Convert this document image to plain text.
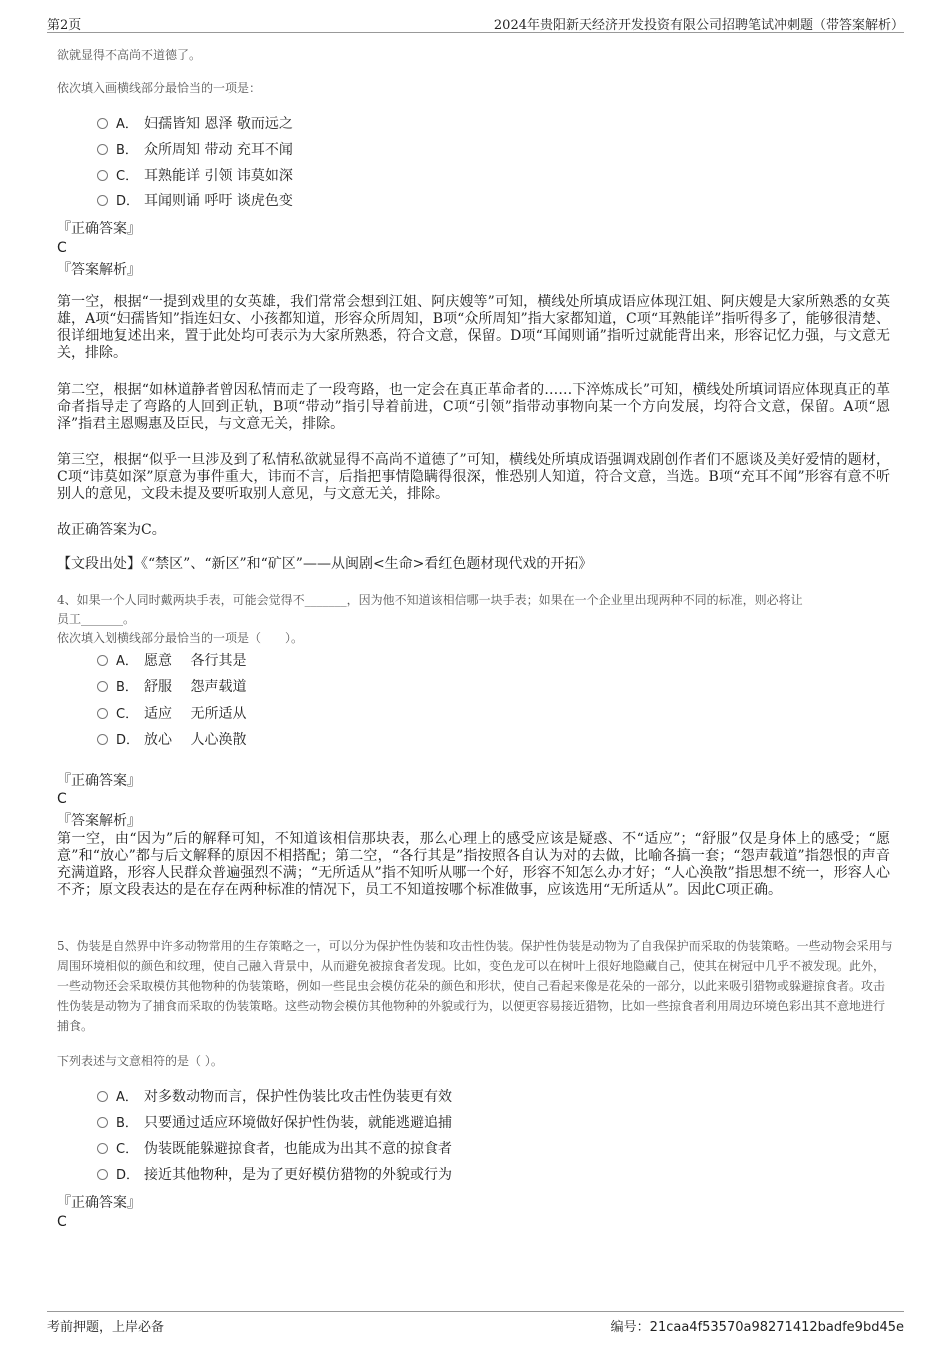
第2页	2024年贵阳新天经济开发投资有限公司招聘笔试冲刺题（带答案解析）
欲就显得不高尚不道德了。
依次填入画横线部分最恰当的一项是：
A． 妇孺皆知 恩泽 敬而远之
B． 众所周知 带动 充耳不闻
C． 耳熟能详 引领 讳莫如深
D． 耳闻则诵 呼吁 谈虎色变
『正确答案』
C
『答案解析』
第一空，根据“一提到戏里的女英雄，我们常常会想到江姐、阿庆嫂等”可知，横线处所填成语应体现江姐、阿庆嫂是大家所熟悉的女英雄，A项“妇孺皆知”指连妇女、小孩都知道，形容众所周知，B项“众所周知”指大家都知道，C项“耳熟能详”指听得多了，能够很清楚、很详细地复述出来，置于此处均可表示为大家所熟悉，符合文意，保留。D项“耳闻则诵”指听过就能背出来，形容记忆力强，与文意无关，排除。
第二空，根据“如林道静者曾因私情而走了一段弯路，也一定会在真正革命者的……下淬炼成长”可知，横线处所填词语应体现真正的革命者指导走了弯路的人回到正轨，B项“带动”指引导着前进，C项“引领”指带动事物向某一个方向发展，均符合文意，保留。A项“恩泽”指君主恩赐惠及臣民，与文意无关，排除。
第三空，根据“似乎一旦涉及到了私情私欲就显得不高尚不道德了”可知，横线处所填成语强调戏剧创作者们不愿谈及美好爱情的题材，C项“讳莫如深”原意为事件重大，讳而不言，后指把事情隐瞒得很深，惟恐别人知道，符合文意，当选。B项“充耳不闻”形容有意不听别人的意见，文段未提及要听取别人意见，与文意无关，排除。
故正确答案为C。
【文段出处】《“禁区”、“新区”和“矿区”——从闽剧<生命>看红色题材现代戏的开拓》
4、如果一个人同时戴两块手表，可能会觉得不_______，因为他不知道该相信哪一块手表；如果在一个企业里出现两种不同的标准，则必将让
员工_______。
依次填入划横线部分最恰当的一项是（　　）。
A． 愿意　 各行其是
B． 舒服　 怨声载道
C． 适应　 无所适从
D． 放心　 人心涣散
『正确答案』
C
『答案解析』
第一空，由“因为”后的解释可知，不知道该相信那块表，那么心理上的感受应该是疑惑、不“适应”；“舒服”仅是身体上的感受；“愿意”和“放心”都与后文解释的原因不相搭配；第二空，“各行其是”指按照各自认为对的去做，比喻各搞一套；“怨声载道”指怨恨的声音充满道路，形容人民群众普遍强烈不满；“无所适从”指不知听从哪一个好，形容不知怎么办才好；“人心涣散”指思想不统一，形容人心不齐；原文段表达的是在存在两种标准的情况下，员工不知道按哪个标准做事，应该选用“无所适从”。因此C项正确。
5、伪装是自然界中许多动物常用的生存策略之一，可以分为保护性伪装和攻击性伪装。保护性伪装是动物为了自我保护而采取的伪装策略。一些动物会采用与周围环境相似的颜色和纹理，使自己融入背景中，从而避免被掠食者发现。比如，变色龙可以在树叶上很好地隐藏自己，使其在树冠中几乎不被发现。此外，一些动物还会采取模仿其他物种的伪装策略，例如一些昆虫会模仿花朵的颜色和形状，使自己看起来像是花朵的一部分，以此来吸引猎物或躲避掠食者。攻击性伪装是动物为了捕食而采取的伪装策略。这些动物会模仿其他物种的外貌或行为，以便更容易接近猎物，比如一些掠食者利用周边环境色彩出其不意地进行捕食。
下列表述与文意相符的是（ ）。
A． 对多数动物而言，保护性伪装比攻击性伪装更有效
B． 只要通过适应环境做好保护性伪装，就能逃避追捕
C． 伪装既能躲避掠食者，也能成为出其不意的掠食者
D． 接近其他物种，是为了更好模仿猎物的外貌或行为
『正确答案』
C
考前押题，上岸必备	编号：21caa4f53570a98271412badfe9bd45e
